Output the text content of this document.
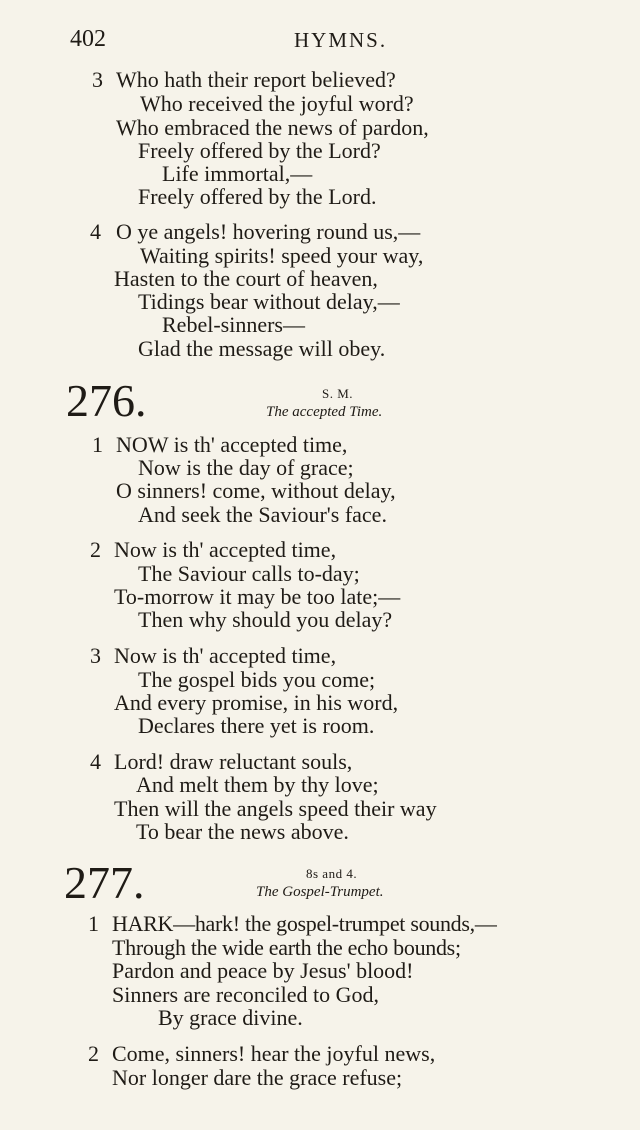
402	HYMNS.
3 Who hath their report believed?
Who received the joyful word?
Who embraced the news of pardon,
Freely offered by the Lord?
Life immortal,—
Freely offered by the Lord.
4 O ye angels! hovering round us,—
Waiting spirits! speed your way,
Hasten to the court of heaven,
Tidings bear without delay,—
Rebel-sinners—
Glad the message will obey.
276.	S. M.
The accepted Time.
1 NOW is th' accepted time,
Now is the day of grace;
O sinners! come, without delay,
And seek the Saviour's face.
2 Now is th' accepted time,
The Saviour calls to-day;
To-morrow it may be too late;—
Then why should you delay?
3 Now is th' accepted time,
The gospel bids you come;
And every promise, in his word,
Declares there yet is room.
4 Lord! draw reluctant souls,
And melt them by thy love;
Then will the angels speed their way
To bear the news above.
277.	8s and 4.
The Gospel-Trumpet.
1 HARK—hark! the gospel-trumpet sounds,—
Through the wide earth the echo bounds;
Pardon and peace by Jesus' blood!
Sinners are reconciled to God,
By grace divine.
2 Come, sinners! hear the joyful news,
Nor longer dare the grace refuse;
